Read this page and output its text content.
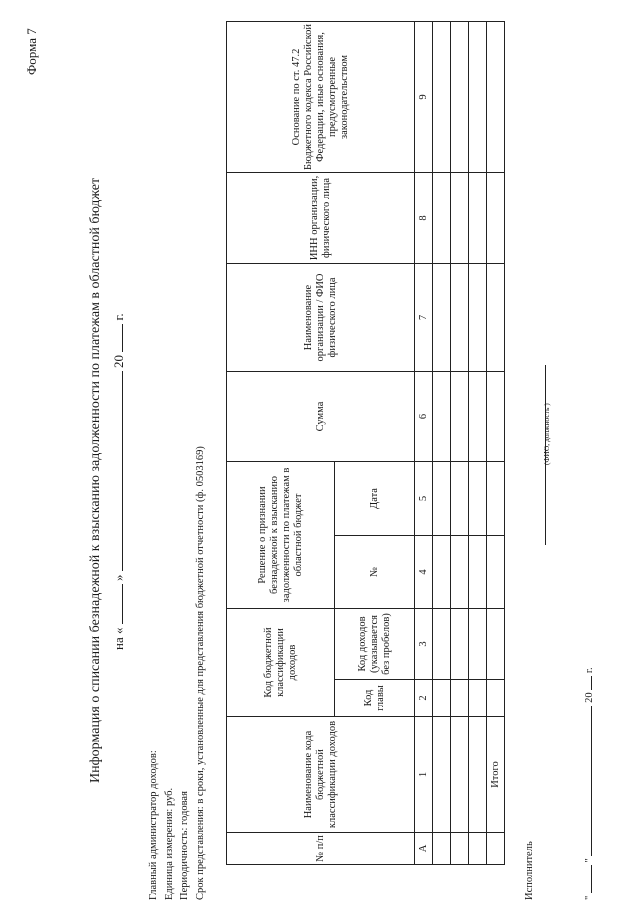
Форма 7
Информация о списании безнадежной к взысканию задолженности по платежам в областной бюджет на «  »  20  г.
Главный администратор доходов: Единица измерения: руб. Периодичность: годовая Срок представления: в сроки, установленные для представления бюджетной отчетности (ф. 0503169)	№ п/п	Наименование кода бюджетной классификации доходов	Код бюджетной классификации доходов		Решение о признании безнадежной к взысканию задолженности по платежам в областной бюджет		Сумма	Наименование организации / ФИО физического лица	ИНН организации, физического лица	Основание по ст. 47.2 Бюджетного кодекса Российской Федерации, иные основания, предусмотренные законодательством
		Код главы	Код доходов (указывается без пробелов)	№	Дата				
А	1	2	3	4	5	6	7	8	9

	Итого								
Исполнитель
(ФИО, должность )
"  "  20  г.
